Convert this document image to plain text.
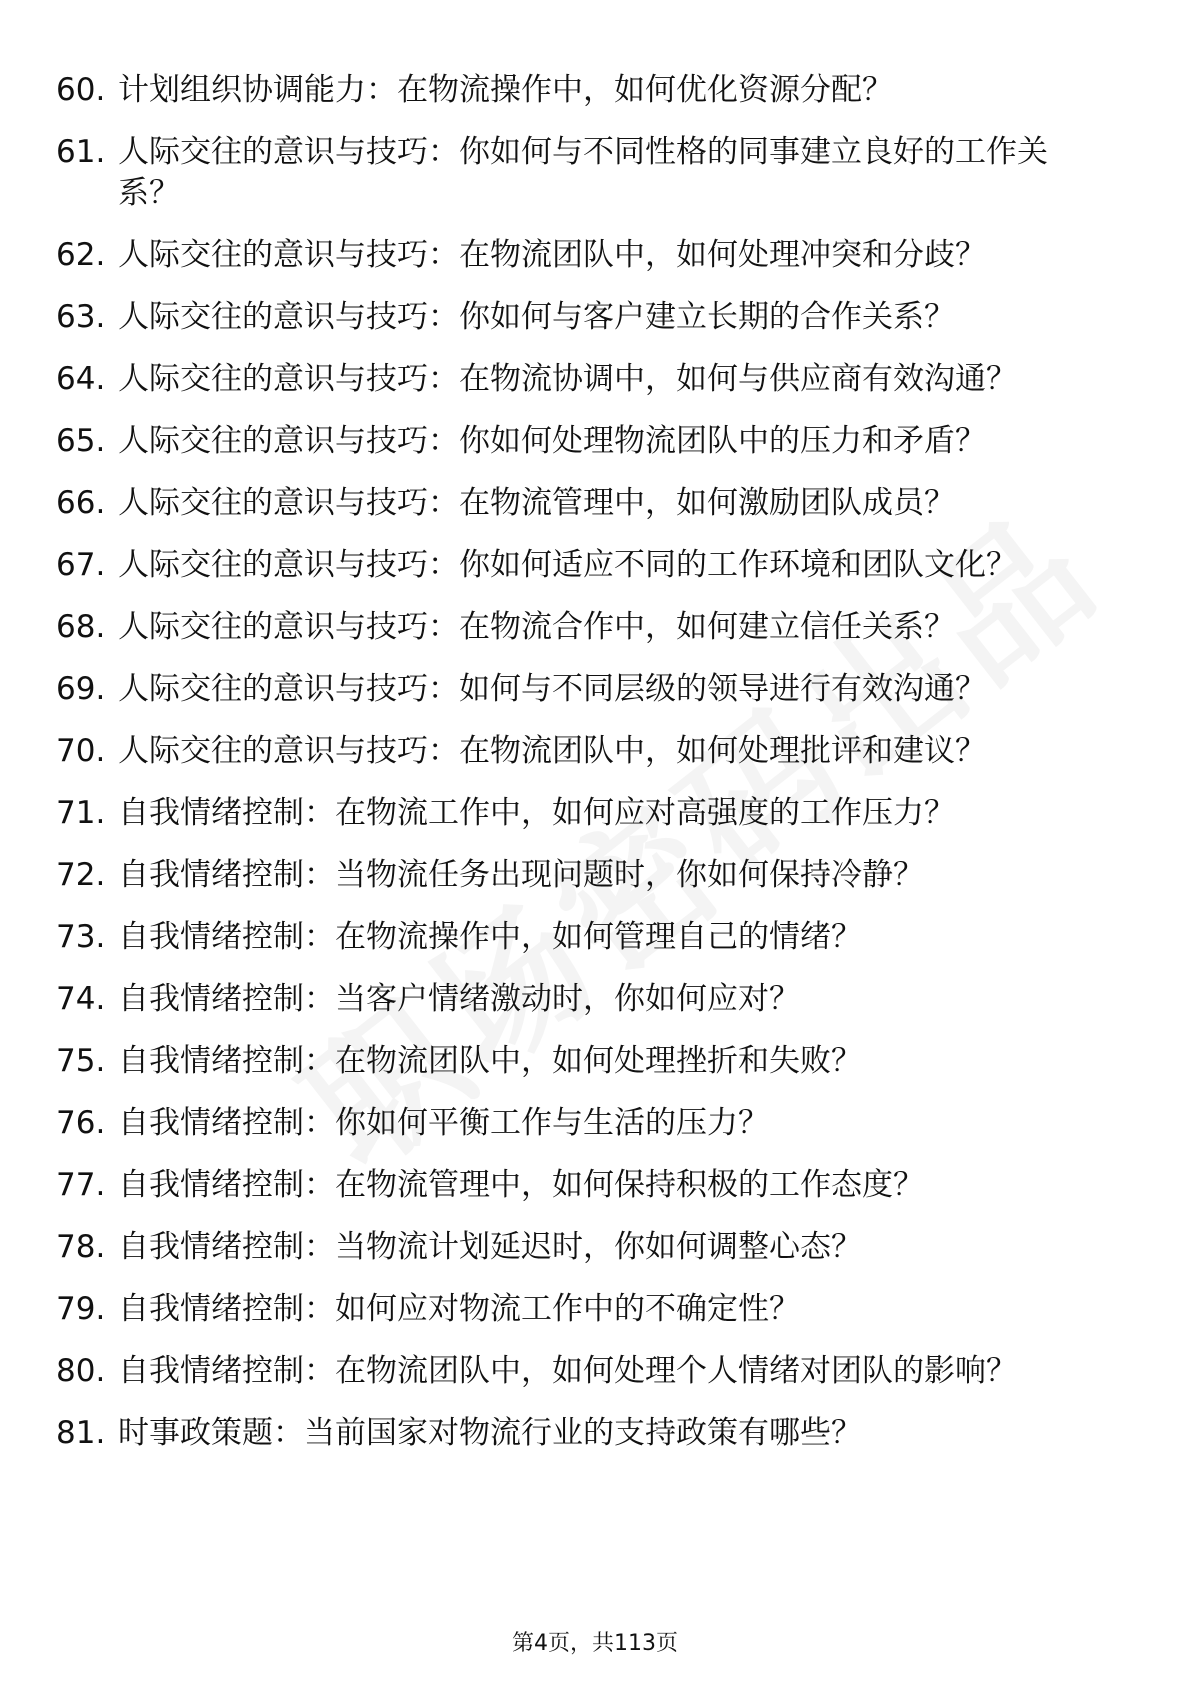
60. 计划组织协调能力：在物流操作中，如何优化资源分配？
61. 人际交往的意识与技巧：你如何与不同性格的同事建立良好的工作关系？
62. 人际交往的意识与技巧：在物流团队中，如何处理冲突和分歧？
63. 人际交往的意识与技巧：你如何与客户建立长期的合作关系？
64. 人际交往的意识与技巧：在物流协调中，如何与供应商有效沟通？
65. 人际交往的意识与技巧：你如何处理物流团队中的压力和矛盾？
66. 人际交往的意识与技巧：在物流管理中，如何激励团队成员？
67. 人际交往的意识与技巧：你如何适应不同的工作环境和团队文化？
68. 人际交往的意识与技巧：在物流合作中，如何建立信任关系？
69. 人际交往的意识与技巧：如何与不同层级的领导进行有效沟通？
70. 人际交往的意识与技巧：在物流团队中，如何处理批评和建议？
71. 自我情绪控制：在物流工作中，如何应对高强度的工作压力？
72. 自我情绪控制：当物流任务出现问题时，你如何保持冷静？
73. 自我情绪控制：在物流操作中，如何管理自己的情绪？
74. 自我情绪控制：当客户情绪激动时，你如何应对？
75. 自我情绪控制：在物流团队中，如何处理挫折和失败？
76. 自我情绪控制：你如何平衡工作与生活的压力？
77. 自我情绪控制：在物流管理中，如何保持积极的工作态度？
78. 自我情绪控制：当物流计划延迟时，你如何调整心态？
79. 自我情绪控制：如何应对物流工作中的不确定性？
80. 自我情绪控制：在物流团队中，如何处理个人情绪对团队的影响？
81. 时事政策题：当前国家对物流行业的支持政策有哪些？
第4页，共113页
